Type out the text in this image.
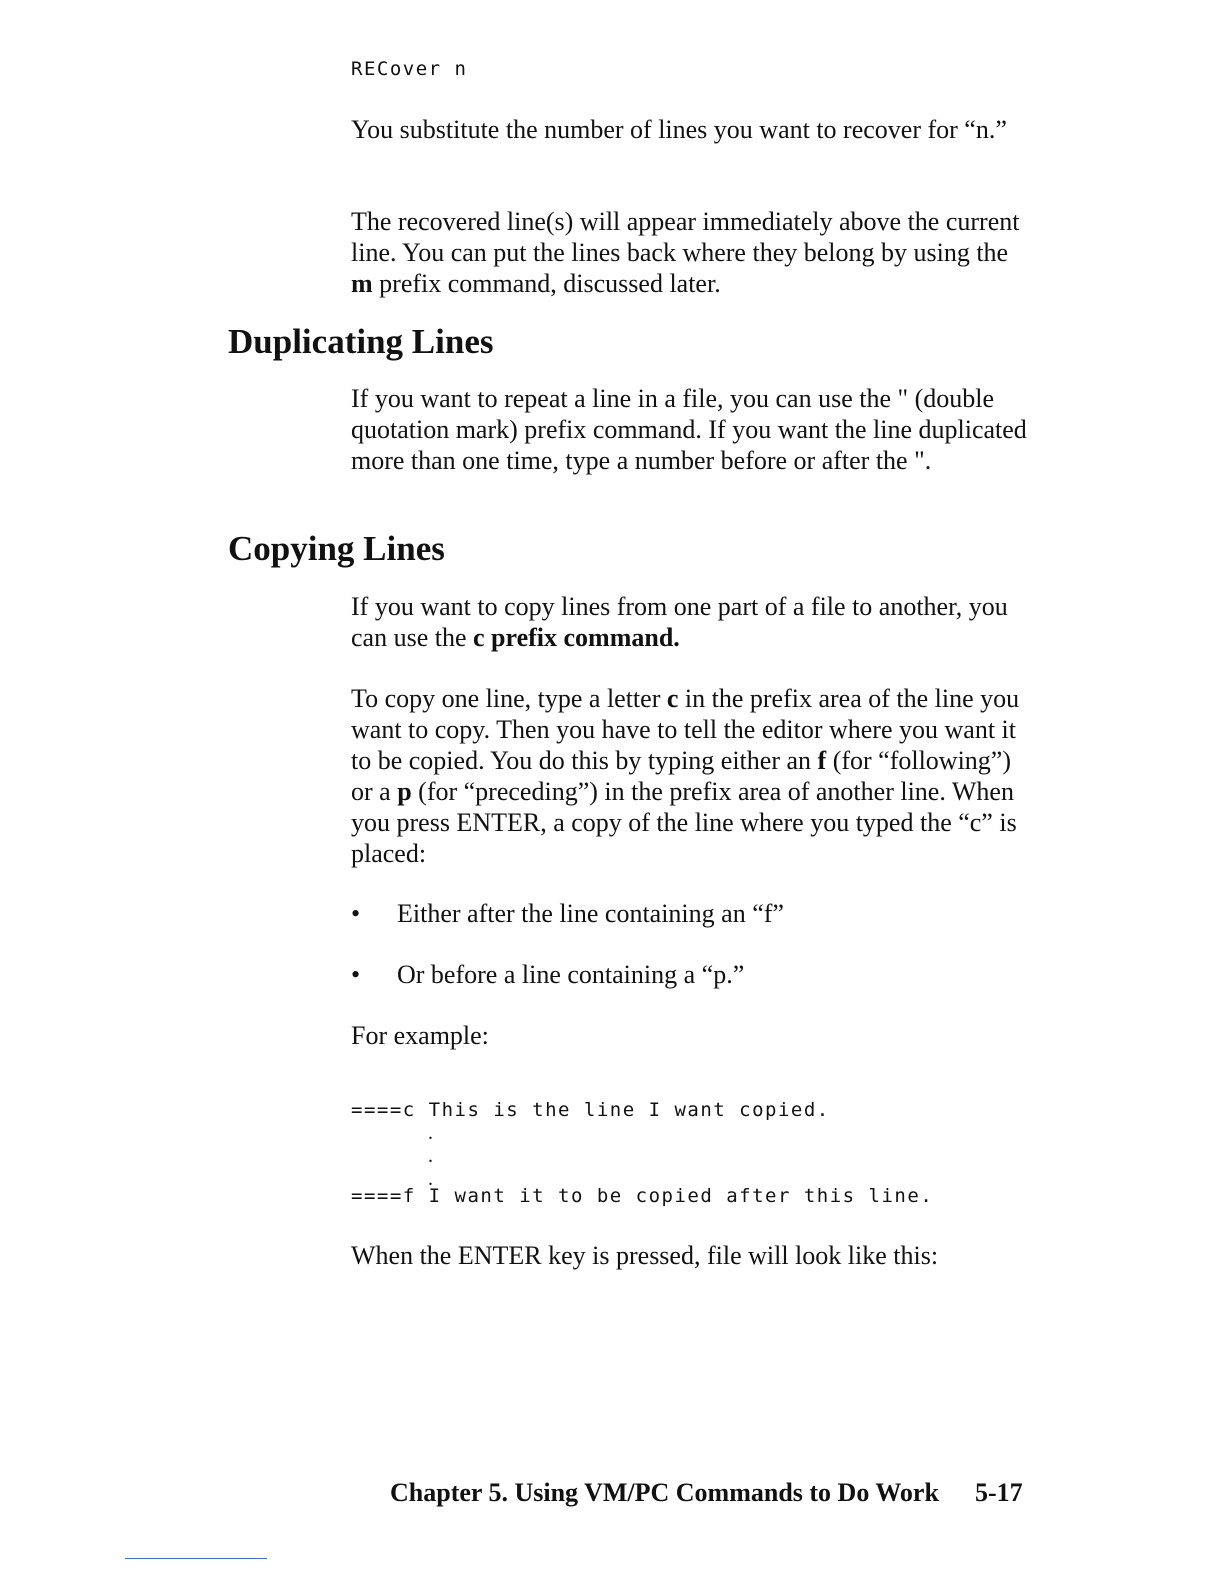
RECover n

You substitute the number of lines you want to recover for “n.”

The recovered line(s) will appear immediately above the current line. You can put the lines back where they belong by using the m prefix command, discussed later.

Duplicating Lines

If you want to repeat a line in a file, you can use the " (double quotation mark) prefix command. If you want the line duplicated more than one time, type a number before or after the ".

Copying Lines

If you want to copy lines from one part of a file to another, you can use the c prefix command.

To copy one line, type a letter c in the prefix area of the line you want to copy. Then you have to tell the editor where you want it to be copied. You do this by typing either an f (for “following”) or a p (for “preceding”) in the prefix area of another line. When you press ENTER, a copy of the line where you typed the “c” is placed:

• Either after the line containing an “f”
• Or before a line containing a “p.”

For example:

====c This is the line I want copied.
.
.
.
====f I want it to be copied after this line.

When the ENTER key is pressed, file will look like this:

Chapter 5. Using VM/PC Commands to Do Work 5-17
